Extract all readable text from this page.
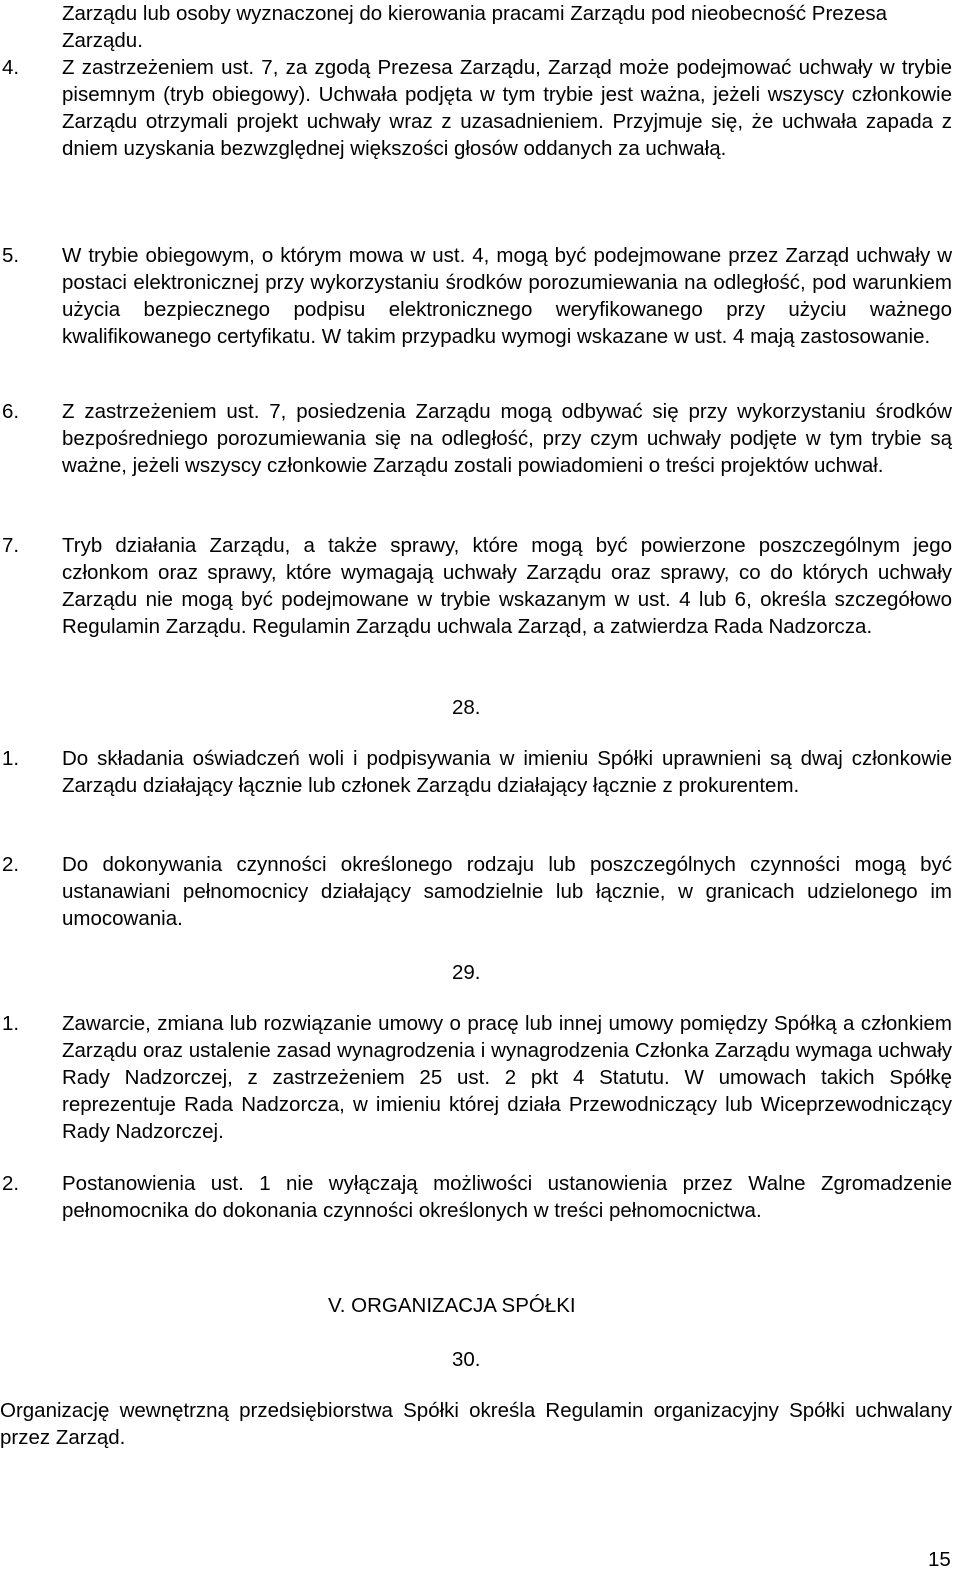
Zarządu lub osoby wyznaczonej do kierowania pracami Zarządu pod nieobecność Prezesa Zarządu.
4.	Z zastrzeżeniem ust. 7, za zgodą Prezesa Zarządu, Zarząd może podejmować uchwały w trybie pisemnym (tryb obiegowy). Uchwała podjęta w tym trybie jest ważna, jeżeli wszyscy członkowie Zarządu otrzymali projekt uchwały wraz z uzasadnieniem. Przyjmuje się, że uchwała zapada z dniem uzyskania bezwzględnej większości głosów oddanych za uchwałą.
5.	W trybie obiegowym, o którym mowa w ust. 4, mogą być podejmowane przez Zarząd uchwały w postaci elektronicznej przy wykorzystaniu środków porozumiewania na odległość, pod warunkiem użycia bezpiecznego podpisu elektronicznego weryfikowanego przy użyciu ważnego kwalifikowanego certyfikatu. W takim przypadku wymogi wskazane w ust. 4 mają zastosowanie.
6.	Z zastrzeżeniem ust. 7, posiedzenia Zarządu mogą odbywać się przy wykorzystaniu środków bezpośredniego porozumiewania się na odległość, przy czym uchwały podjęte w tym trybie są ważne, jeżeli wszyscy członkowie Zarządu zostali powiadomieni o treści projektów uchwał.
7.	Tryb działania Zarządu, a także sprawy, które mogą być powierzone poszczególnym jego członkom oraz sprawy, które wymagają uchwały Zarządu oraz sprawy, co do których uchwały Zarządu nie mogą być podejmowane w trybie wskazanym w ust. 4 lub 6, określa szczegółowo Regulamin Zarządu. Regulamin Zarządu uchwala Zarząd, a zatwierdza Rada Nadzorcza.
28.
1.	Do składania oświadczeń woli i podpisywania w imieniu Spółki uprawnieni są dwaj członkowie Zarządu działający łącznie lub członek Zarządu działający łącznie z prokurentem.
2.	Do dokonywania czynności określonego rodzaju lub poszczególnych czynności mogą być ustanawiani pełnomocnicy działający samodzielnie lub łącznie, w granicach udzielonego im umocowania.
29.
1.	Zawarcie, zmiana lub rozwiązanie umowy o pracę lub innej umowy pomiędzy Spółką a członkiem Zarządu oraz ustalenie zasad wynagrodzenia i wynagrodzenia Członka Zarządu wymaga uchwały Rady Nadzorczej, z zastrzeżeniem 25 ust. 2 pkt 4 Statutu. W umowach takich Spółkę reprezentuje Rada Nadzorcza, w imieniu której działa Przewodniczący lub Wiceprzewodniczący Rady Nadzorczej.
2.	Postanowienia ust. 1 nie wyłączają możliwości ustanowienia przez Walne Zgromadzenie pełnomocnika do dokonania czynności określonych w treści pełnomocnictwa.
V. ORGANIZACJA SPÓŁKI
30.
Organizację wewnętrzną przedsiębiorstwa Spółki określa Regulamin organizacyjny Spółki uchwalany przez Zarząd.
15
